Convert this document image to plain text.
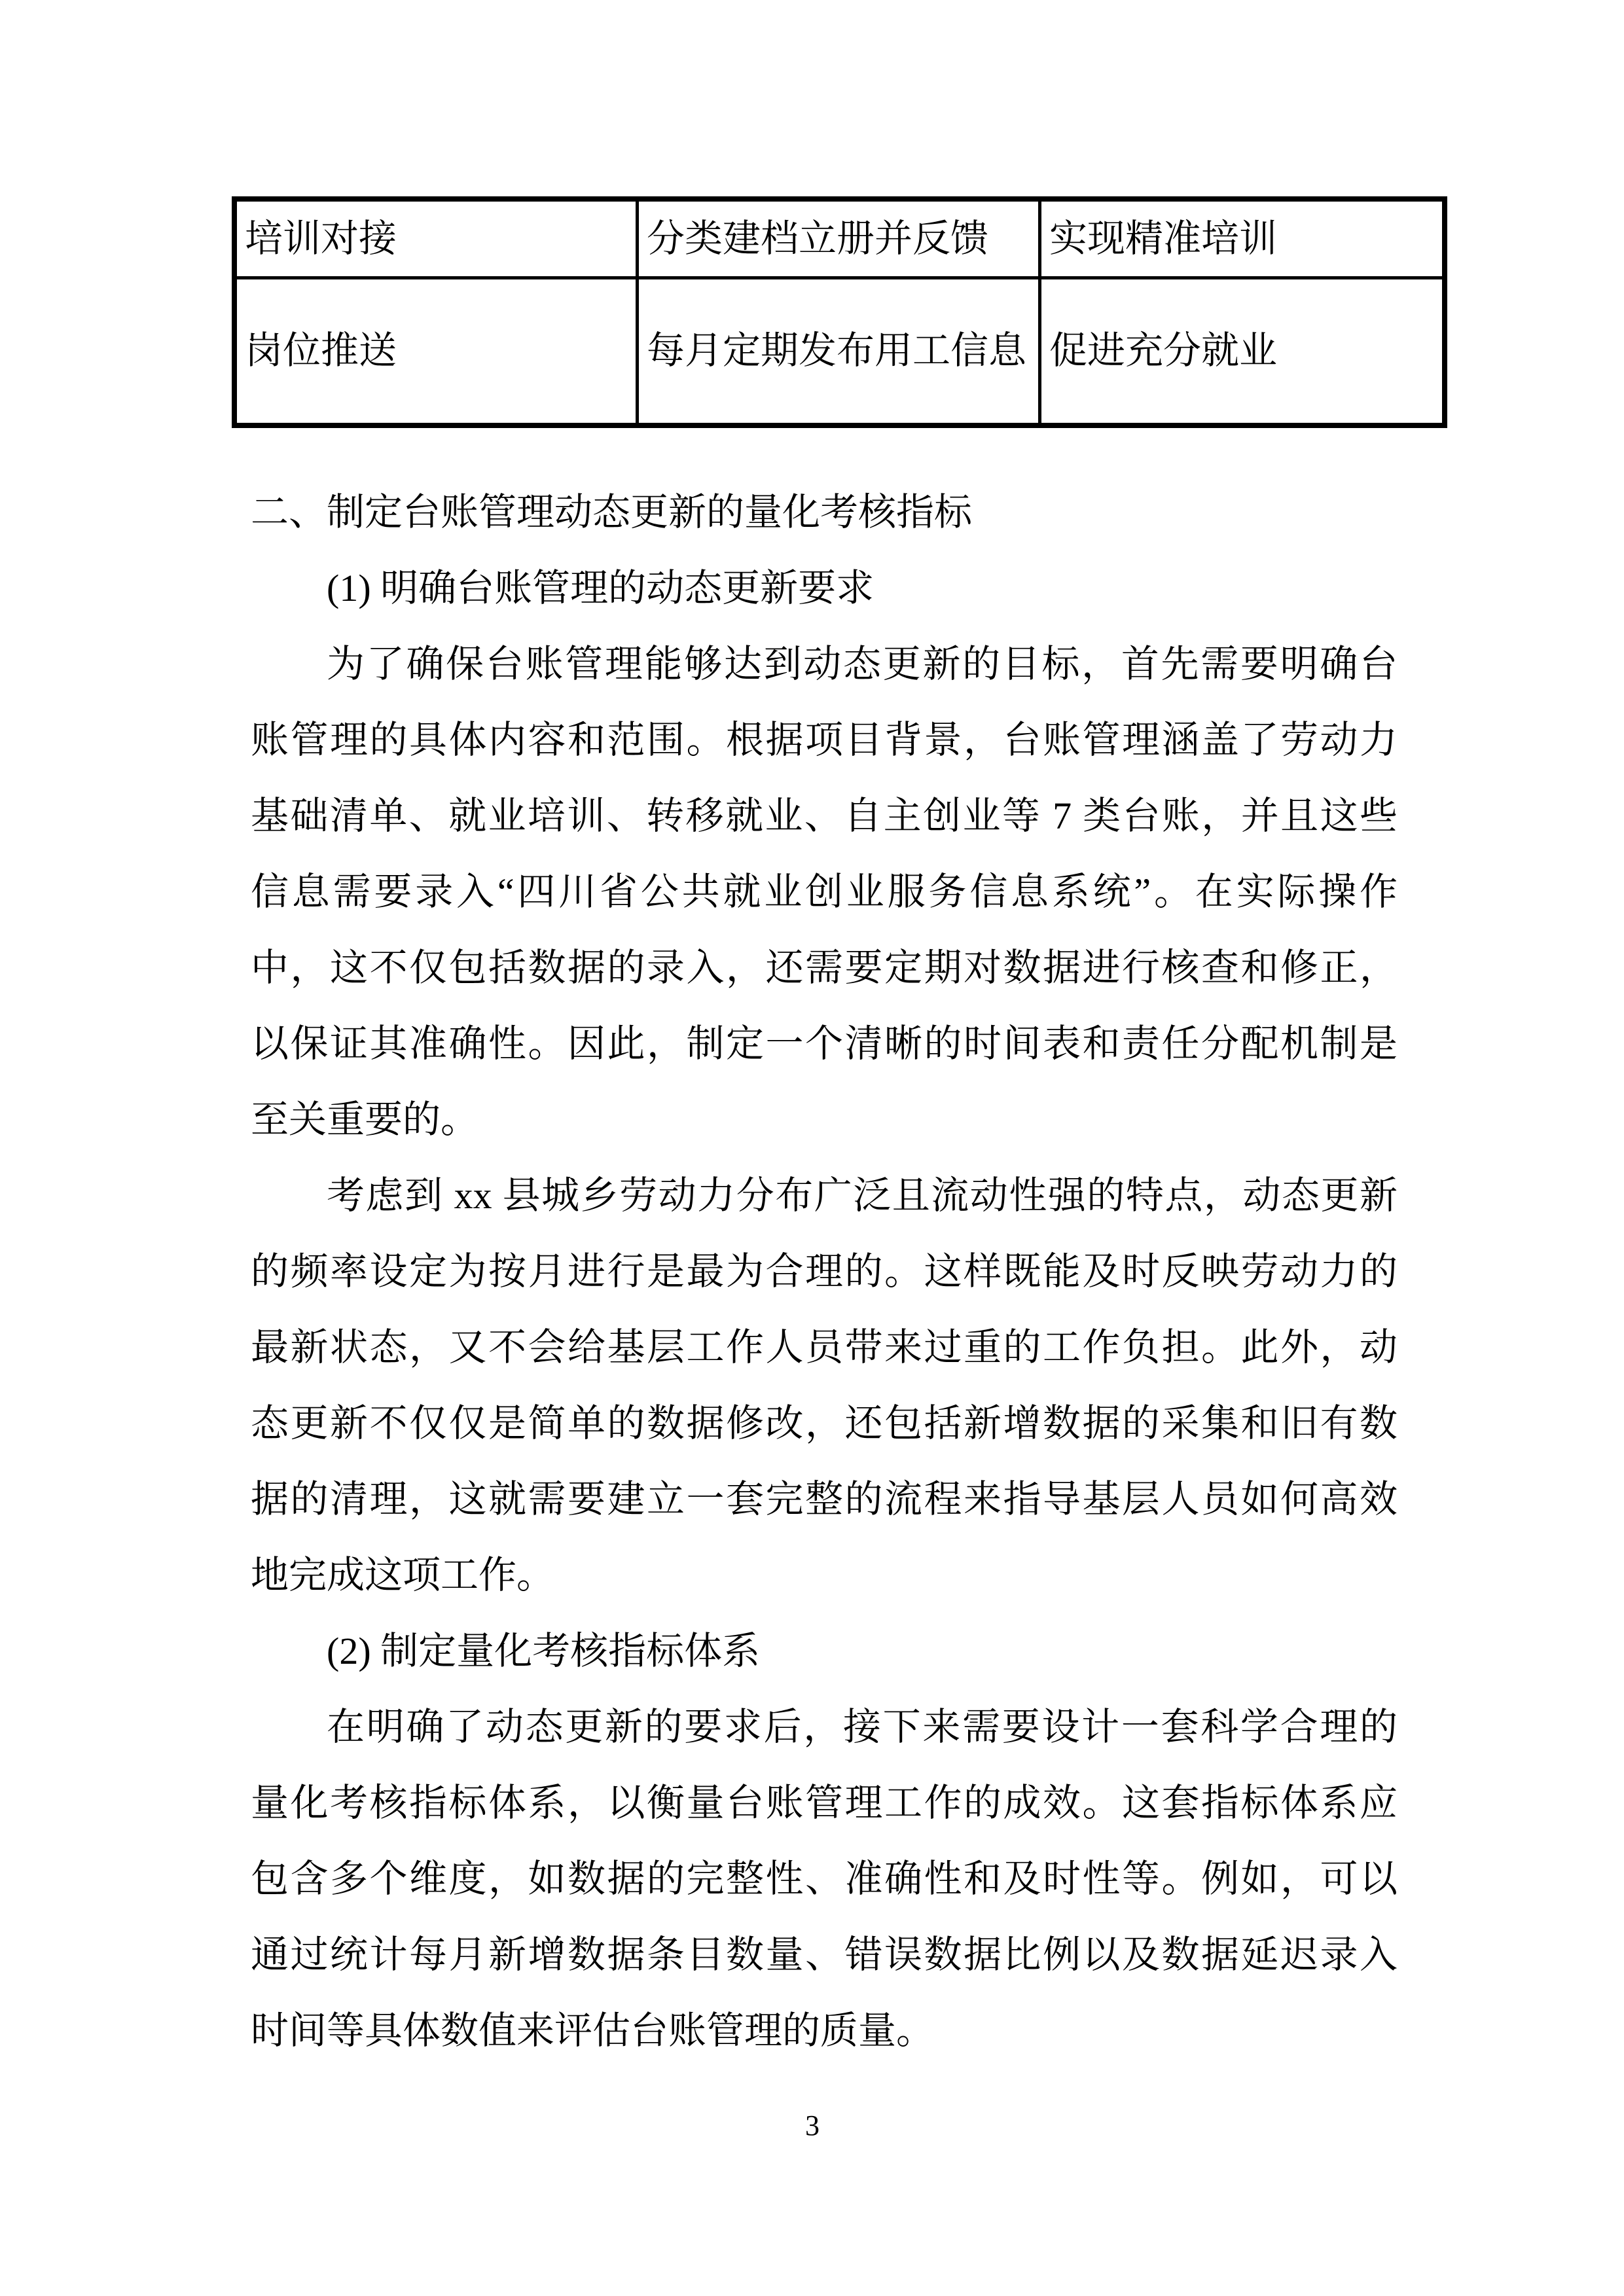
培训对接	分类建档立册并反馈	实现精准培训
岗位推送	每月定期发布用工信息	促进充分就业
二、制定台账管理动态更新的量化考核指标
(1) 明确台账管理的动态更新要求
为了确保台账管理能够达到动态更新的目标，首先需要明确台
账管理的具体内容和范围。根据项目背景，台账管理涵盖了劳动力
基础清单、就业培训、转移就业、自主创业等 7 类台账，并且这些
信息需要录入“四川省公共就业创业服务信息系统”。在实际操作
中，这不仅包括数据的录入，还需要定期对数据进行核查和修正，
以保证其准确性。因此，制定一个清晰的时间表和责任分配机制是
至关重要的。
考虑到 xx 县城乡劳动力分布广泛且流动性强的特点，动态更新
的频率设定为按月进行是最为合理的。这样既能及时反映劳动力的
最新状态，又不会给基层工作人员带来过重的工作负担。此外，动
态更新不仅仅是简单的数据修改，还包括新增数据的采集和旧有数
据的清理，这就需要建立一套完整的流程来指导基层人员如何高效
地完成这项工作。
(2) 制定量化考核指标体系
在明确了动态更新的要求后，接下来需要设计一套科学合理的
量化考核指标体系，以衡量台账管理工作的成效。这套指标体系应
包含多个维度，如数据的完整性、准确性和及时性等。例如，可以
通过统计每月新增数据条目数量、错误数据比例以及数据延迟录入
时间等具体数值来评估台账管理的质量。
3
